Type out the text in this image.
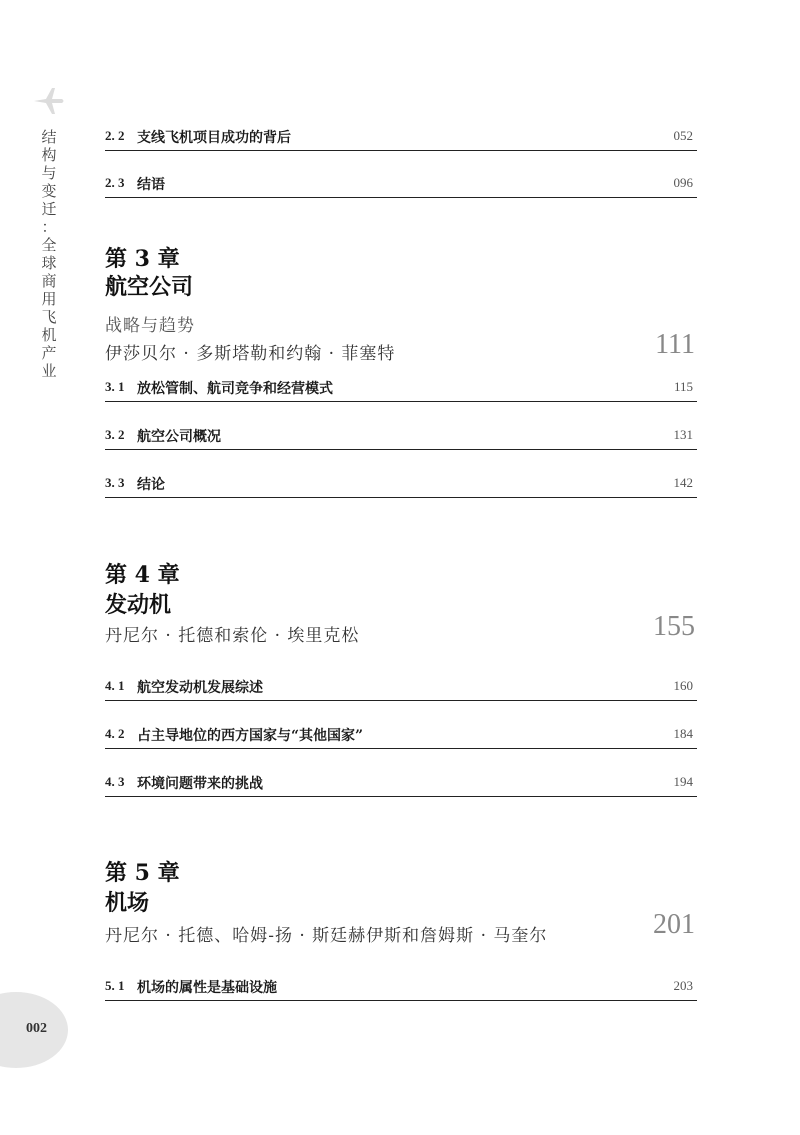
结
构
与
变
迁
：
全
球
商
用
飞
机
产
业
002
2. 2 支线飞机项目成功的背后	052
2. 3 结语	096
第 3 章
航空公司
战略与趋势
伊莎贝尔 · 多斯塔勒和约翰 · 菲塞特	111
3. 1 放松管制、航司竞争和经营模式	115
3. 2 航空公司概况	131
3. 3 结论	142
第 4 章
发动机
丹尼尔 · 托德和索伦 · 埃里克松	155
4. 1 航空发动机发展综述	160
4. 2 占主导地位的西方国家与“其他国家”	184
4. 3 环境问题带来的挑战	194
第 5 章
机场
丹尼尔 · 托德、哈姆-扬 · 斯廷赫伊斯和詹姆斯 · 马奎尔	201
5. 1 机场的属性是基础设施	203
